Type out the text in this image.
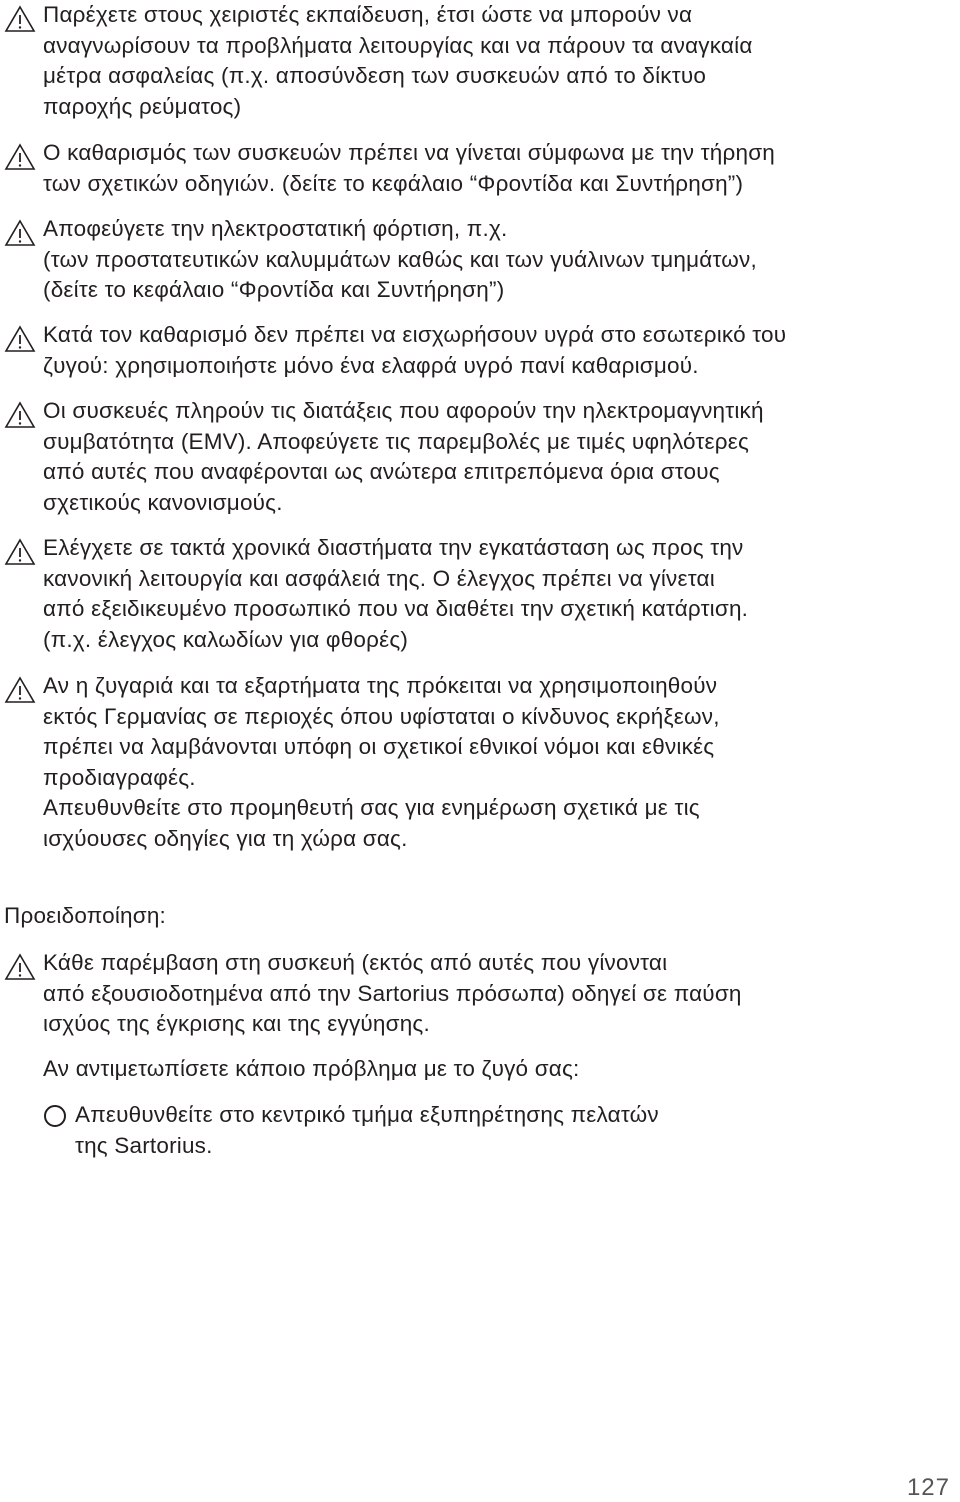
Παρέχετε στους χειριστές εκπαίδευση, έτσι ώστε να μπορούν να
αναγνωρίσουν τα προβλήματα λειτουργίας και να πάρουν τα αναγκαία
μέτρα ασφαλείας (π.χ. αποσύνδεση των συσκευών από το δίκτυο
παροχής ρεύματος)
Ο καθαρισμός των συσκευών πρέπει να γίνεται σύμφωνα με την τήρηση
των σχετικών οδηγιών. (δείτε το κεφάλαιο “Φροντίδα και Συντήρηση”)
Αποφεύγετε την ηλεκτροστατική φόρτιση, π.χ.
(των προστατευτικών καλυμμάτων καθώς και των γυάλινων τμημάτων,
(δείτε το κεφάλαιο “Φροντίδα και Συντήρηση”)
Κατά τον καθαρισμό δεν πρέπει να εισχωρήσουν υγρά στο εσωτερικό του
ζυγού: χρησιμοποιήστε μόνο ένα ελαφρά υγρό πανί καθαρισμού.
Οι συσκευές πληρούν τις διατάξεις που αφορούν την ηλεκτρομαγνητική
συμβατότητα (EMV). Αποφεύγετε τις παρεμβολές με τιμές υφηλότερες
από αυτές που αναφέρονται ως ανώτερα επιτρεπόμενα όρια στους
σχετικούς κανονισμούς.
Ελέγχετε σε τακτά χρονικά διαστήματα την εγκατάσταση ως προς την
κανονική λειτουργία και ασφάλειά της. Ο έλεγχος πρέπει να γίνεται
από εξειδικευμένο προσωπικό που να διαθέτει την σχετική κατάρτιση.
(π.χ. έλεγχος καλωδίων για φθορές)
Αν η ζυγαριά και τα εξαρτήματα της πρόκειται να χρησιμοποιηθούν
εκτός Γερμανίας σε περιοχές όπου υφίσταται ο κίνδυνος εκρήξεων,
πρέπει να λαμβάνονται υπόφη οι σχετικοί εθνικοί νόμοι και εθνικές
προδιαγραφές.
Απευθυνθείτε στο προμηθευτή σας για ενημέρωση σχετικά με τις
ισχύουσες οδηγίες για τη χώρα σας.
Προειδοποίηση:
Κάθε παρέμβαση στη συσκευή (εκτός από αυτές που γίνονται
από εξουσιοδοτημένα από την Sartorius πρόσωπα) οδηγεί σε παύση
ισχύος της έγκρισης και της εγγύησης.
Αν αντιμετωπίσετε κάποιο πρόβλημα με το ζυγό σας:
Απευθυνθείτε στο κεντρικό τμήμα εξυπηρέτησης πελατών
της Sartorius.
127
